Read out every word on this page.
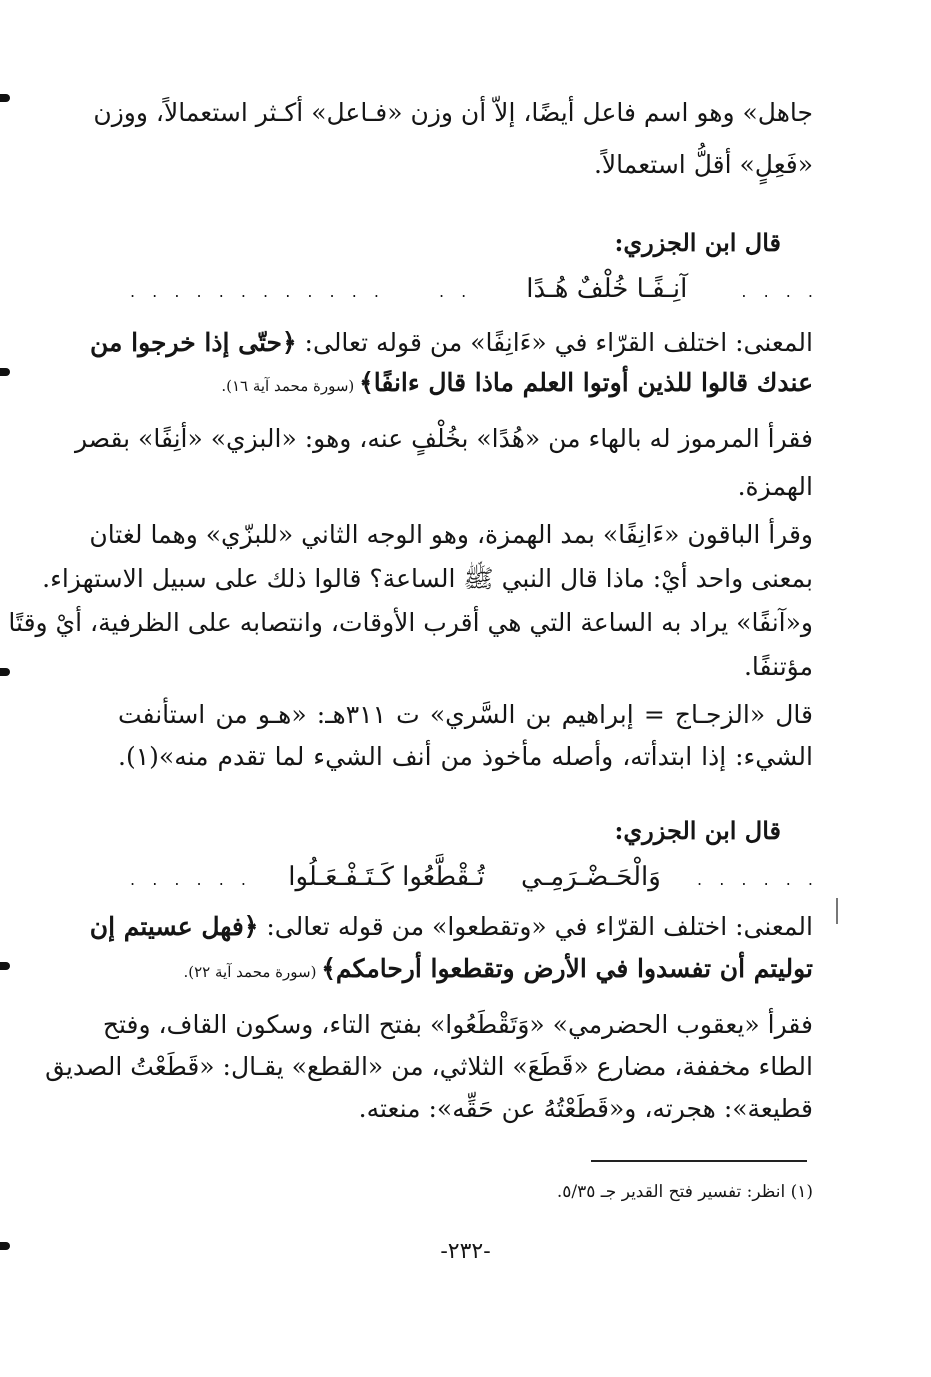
جاهل» وهو اسم فاعل أيضًا، إلاّ أن وزن «فـاعل» أكـثر استعمالاً، ووزن
«فَعِلٍ» أقلُّ استعمالاً.
قال ابن الجزري:
. . . .
آنِـفًـا خُلْفٌ هُـدًا
. .
. . . . . . . . . . . .
المعنى: اختلف القرّاء في «ءَانِفًا» من قوله تعالى: ﴿حتّى إذا خرجوا من
عندك قالوا للذين أوتوا العلم ماذا قال ءانفًا﴾ (سورة محمد آية ١٦).
فقرأ المرموز له بالهاء من «هُدًا» بخُلْفٍ عنه، وهو: «البزي» «أنِفًا» بقصر
الهمزة.
وقرأ الباقون «ءَانِفًا» بمد الهمزة، وهو الوجه الثاني «للبزّي» وهما لغتان
بمعنى واحد أيْ: ماذا قال النبي ﷺ الساعة؟ قالوا ذلك على سبيل الاستهزاء.
و«آنفًا» يراد به الساعة التي هي أقرب الأوقات، وانتصابه على الظرفية، أيْ وقتًا
مؤتنفًا.
قال «الزجـاج = إبراهيم بن السَّري» ت ٣١١هـ: «هـو من استأنفت
الشيء: إذا ابتدأته، وأصله مأخوذ من أنف الشيء لما تقدم منه»(١).
قال ابن الجزري:
. . . . . .
وَالْحَـضْـرَمِـي
تُـقْطَّعُوا كَـتَـفْـعَـلُوا
. . . . . .
المعنى: اختلف القرّاء في «وتقطعوا» من قوله تعالى: ﴿فهل عسيتم إن
توليتم أن تفسدوا في الأرض وتقطعوا أرحامكم﴾ (سورة محمد آية ٢٢).
فقرأ «يعقوب الحضرمي» «وَتَقْطَعُوا» بفتح التاء، وسكون القاف، وفتح
الطاء مخففة، مضارع «قَطَعَ» الثلاثي، من «القطع» يقـال: «قَطَعْتُ الصديق
قطيعة»: هجرته، و«قَطَعْتُهُ عن حَقِّه»: منعته.
(١) انظر: تفسير فتح القدير جـ ٥/٣٥.
-٢٣٢-
